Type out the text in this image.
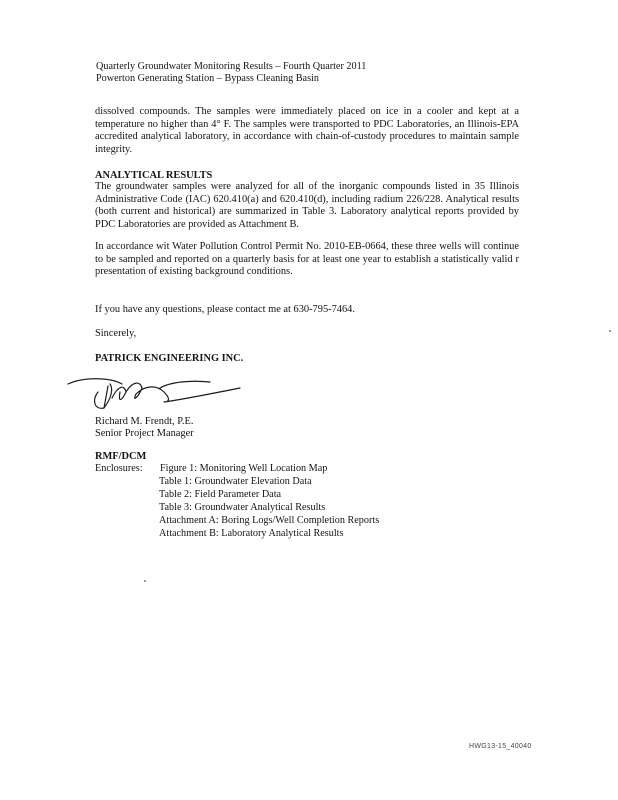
Quarterly Groundwater Monitoring Results – Fourth Quarter 2011
Powerton Generating Station – Bypass Cleaning Basin
dissolved compounds. The samples were immediately placed on ice in a cooler and kept at a temperature no higher than 4° F. The samples were transported to PDC Laboratories, an Illinois-EPA accredited analytical laboratory, in accordance with chain-of-custody procedures to maintain sample integrity.
ANALYTICAL RESULTS
The groundwater samples were analyzed for all of the inorganic compounds listed in 35 Illinois Administrative Code (IAC) 620.410(a) and 620.410(d), including radium 226/228. Analytical results (both current and historical) are summarized in Table 3. Laboratory analytical reports provided by PDC Laboratories are provided as Attachment B.
In accordance wit Water Pollution Control Permit No. 2010-EB-0664, these three wells will continue to be sampled and reported on a quarterly basis for at least one year to establish a statistically valid r presentation of existing background conditions.
If you have any questions, please contact me at 630-795-7464.
Sincerely,
PATRICK ENGINEERING INC.
Richard M. Frendt, P.E.
Senior Project Manager
RMF/DCM
Enclosures: Figure 1: Monitoring Well Location Map
Table 1: Groundwater Elevation Data
Table 2: Field Parameter Data
Table 3: Groundwater Analytical Results
Attachment A: Boring Logs/Well Completion Reports
Attachment B: Laboratory Analytical Results
HWG13-15_40040
